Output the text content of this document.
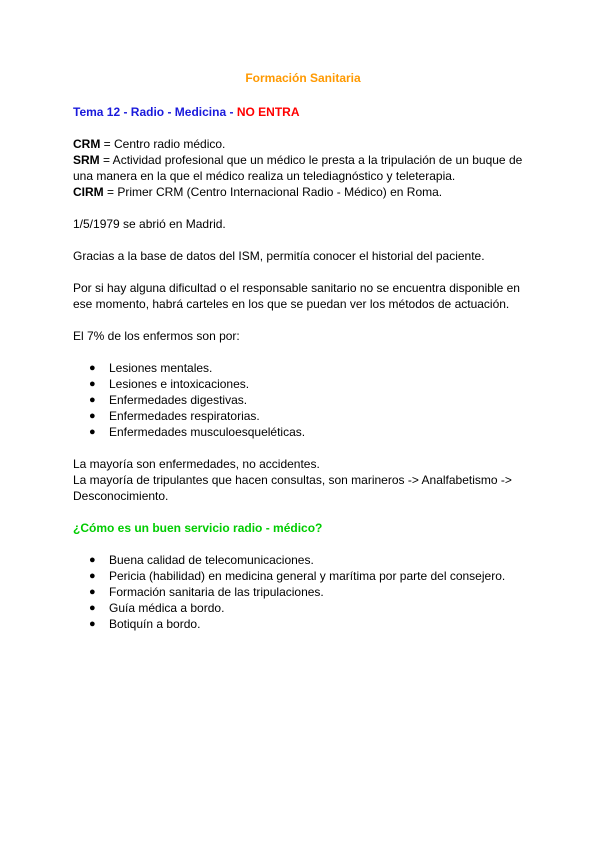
Formación Sanitaria
Tema 12 - Radio - Medicina - NO ENTRA

CRM = Centro radio médico.

SRM = Actividad profesional que un médico le presta a la tripulación de un buque de una manera en la que el médico realiza un telediagnóstico y teleterapia.

CIRM = Primer CRM (Centro Internacional Radio - Médico) en Roma.

1/5/1979 se abrió en Madrid.
Gracias a la base de datos del ISM, permitía conocer el historial del paciente.
Por si hay alguna dificultad o el responsable sanitario no se encuentra disponible en ese momento, habrá carteles en los que se puedan ver los métodos de actuación.
El 7% de los enfermos son por:
● Lesiones mentales.
● Lesiones e intoxicaciones.
● Enfermedades digestivas.
● Enfermedades respiratorias.
● Enfermedades musculoesqueléticas.

La mayoría son enfermedades, no accidentes.

La mayoría de tripulantes que hacen consultas, son marineros -> Analfabetismo -> Desconocimiento.

¿Cómo es un buen servicio radio - médico?
● Buena calidad de telecomunicaciones.
● Pericia (habilidad) en medicina general y marítima por parte del consejero.
● Formación sanitaria de las tripulaciones.
● Guía médica a bordo.
● Botiquín a bordo.
